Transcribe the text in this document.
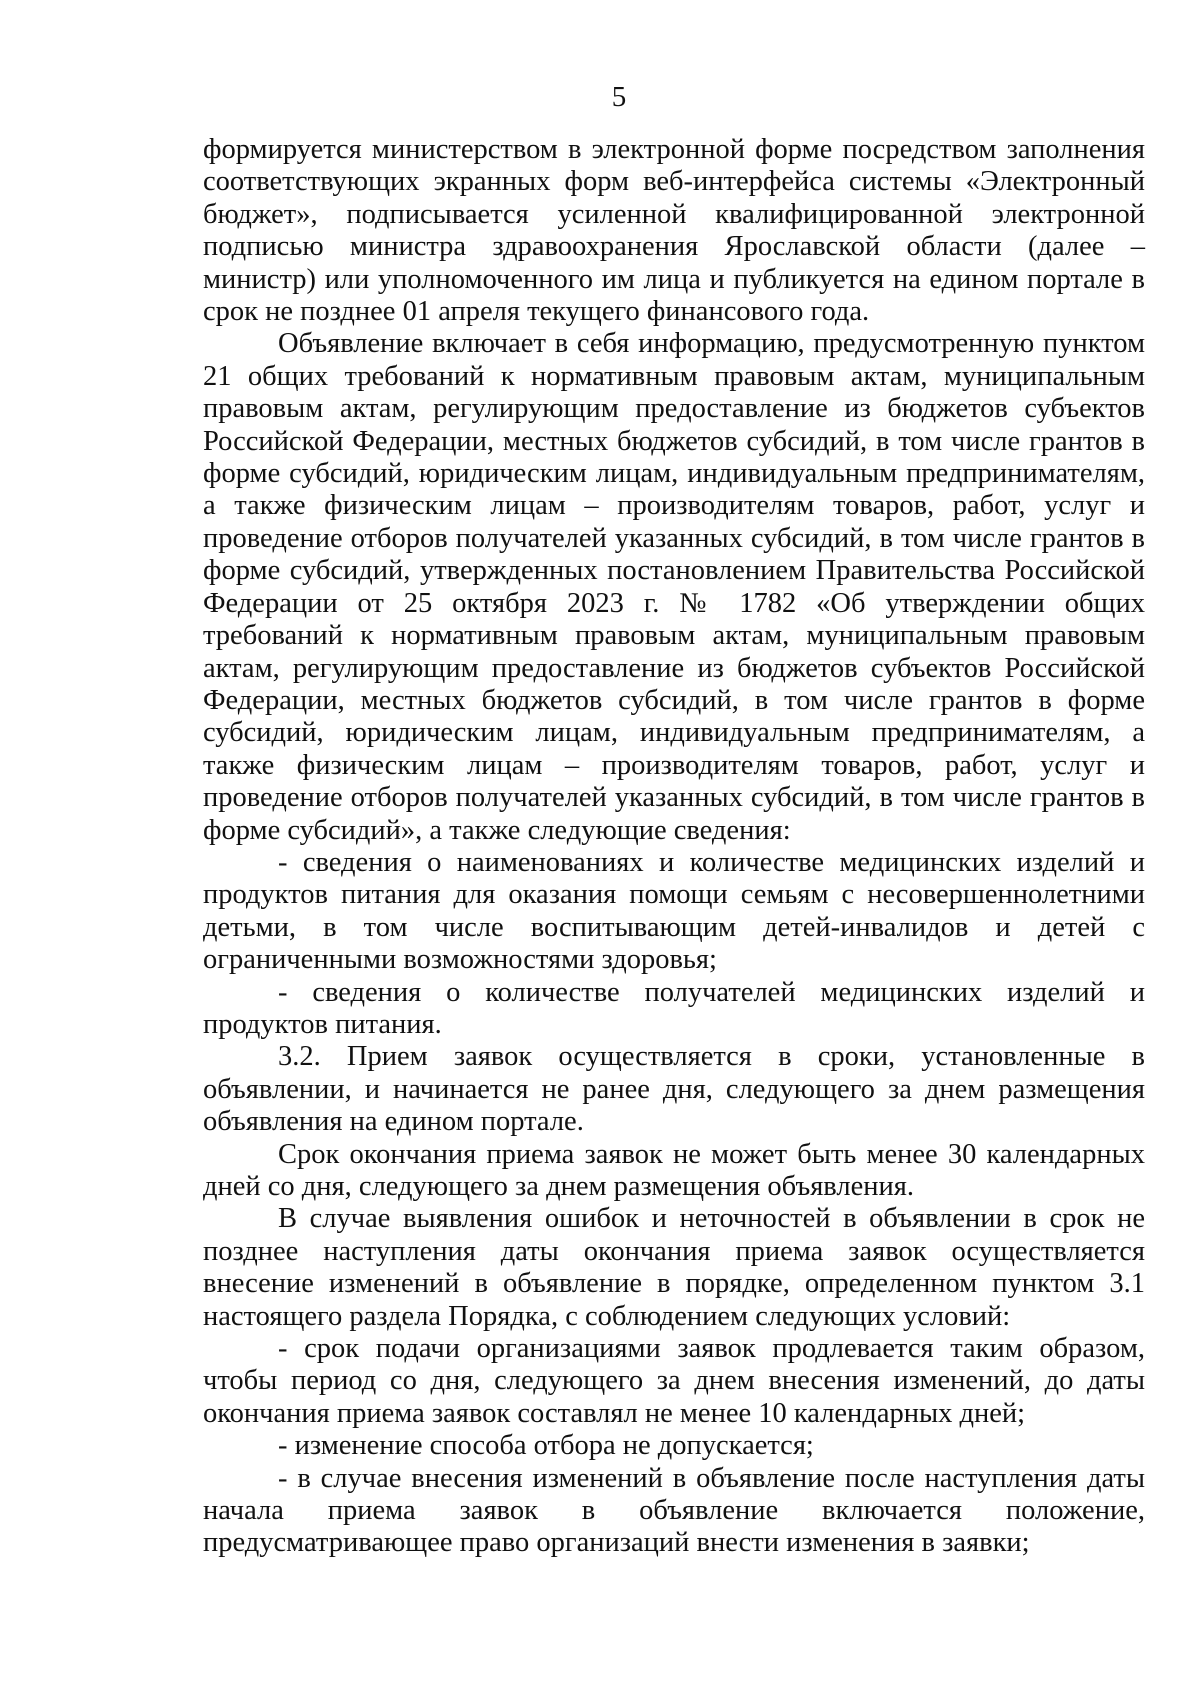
5

формируется министерством в электронной форме посредством заполнения соответствующих экранных форм веб-интерфейса системы «Электронный бюджет», подписывается усиленной квалифицированной электронной подписью министра здравоохранения Ярославской области (далее – министр) или уполномоченного им лица и публикуется на едином портале в срок не позднее 01 апреля текущего финансового года.

Объявление включает в себя информацию, предусмотренную пунктом 21 общих требований к нормативным правовым актам, муниципальным правовым актам, регулирующим предоставление из бюджетов субъектов Российской Федерации, местных бюджетов субсидий, в том числе грантов в форме субсидий, юридическим лицам, индивидуальным предпринимателям, а также физическим лицам – производителям товаров, работ, услуг и проведение отборов получателей указанных субсидий, в том числе грантов в форме субсидий, утвержденных постановлением Правительства Российской Федерации от 25 октября 2023 г. № 1782 «Об утверждении общих требований к нормативным правовым актам, муниципальным правовым актам, регулирующим предоставление из бюджетов субъектов Российской Федерации, местных бюджетов субсидий, в том числе грантов в форме субсидий, юридическим лицам, индивидуальным предпринимателям, а также физическим лицам – производителям товаров, работ, услуг и проведение отборов получателей указанных субсидий, в том числе грантов в форме субсидий», а также следующие сведения:

- сведения о наименованиях и количестве медицинских изделий и продуктов питания для оказания помощи семьям с несовершеннолетними детьми, в том числе воспитывающим детей-инвалидов и детей с ограниченными возможностями здоровья;

- сведения о количестве получателей медицинских изделий и продуктов питания.

3.2. Прием заявок осуществляется в сроки, установленные в объявлении, и начинается не ранее дня, следующего за днем размещения объявления на едином портале.

Срок окончания приема заявок не может быть менее 30 календарных дней со дня, следующего за днем размещения объявления.

В случае выявления ошибок и неточностей в объявлении в срок не позднее наступления даты окончания приема заявок осуществляется внесение изменений в объявление в порядке, определенном пунктом 3.1 настоящего раздела Порядка, с соблюдением следующих условий:

- срок подачи организациями заявок продлевается таким образом, чтобы период со дня, следующего за днем внесения изменений, до даты окончания приема заявок составлял не менее 10 календарных дней;

- изменение способа отбора не допускается;

- в случае внесения изменений в объявление после наступления даты начала приема заявок в объявление включается положение, предусматривающее право организаций внести изменения в заявки;
